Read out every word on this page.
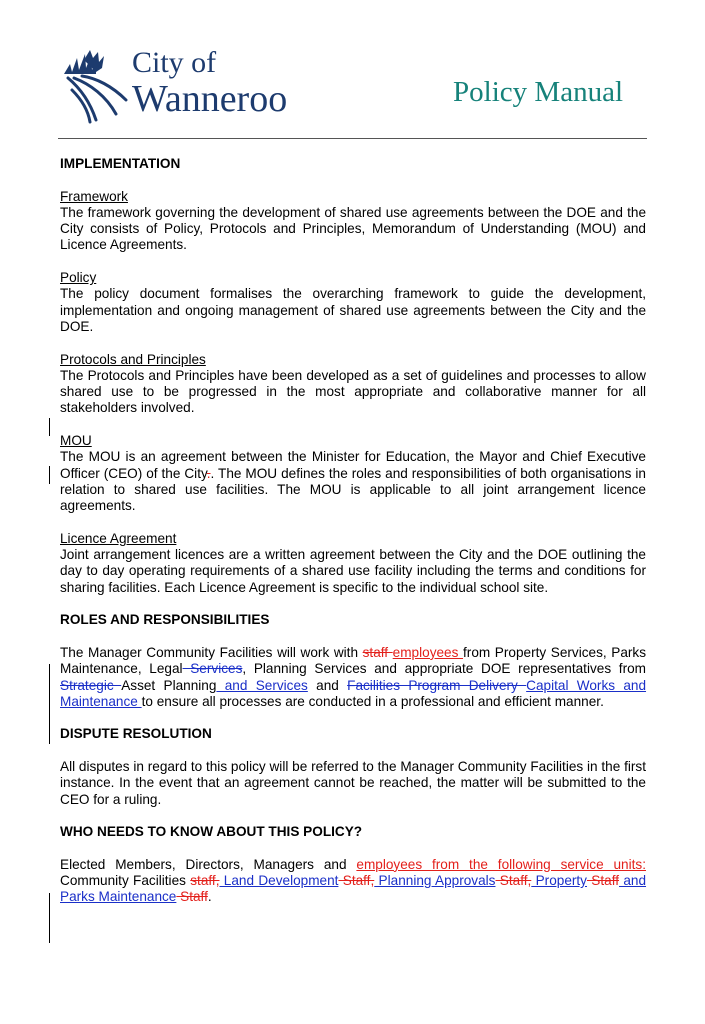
City of
Wanneroo	Policy Manual

IMPLEMENTATION

Framework

The framework governing the development of shared use agreements between the DOE and the City consists of Policy, Protocols and Principles, Memorandum of Understanding (MOU) and Licence Agreements.

Policy

The policy document formalises the overarching framework to guide the development, implementation and ongoing management of shared use agreements between the City and the DOE.

Protocols and Principles

The Protocols and Principles have been developed as a set of guidelines and processes to allow shared use to be progressed in the most appropriate and collaborative manner for all stakeholders involved.

MOU

The MOU is an agreement between the Minister for Education, the Mayor and Chief Executive Officer (CEO) of the City.. The MOU defines the roles and responsibilities of both organisations in relation to shared use facilities. The MOU is applicable to all joint arrangement licence agreements.

Licence Agreement

Joint arrangement licences are a written agreement between the City and the DOE outlining the day to day operating requirements of a shared use facility including the terms and conditions for sharing facilities. Each Licence Agreement is specific to the individual school site.

ROLES AND RESPONSIBILITIES

The Manager Community Facilities will work with staff employees from Property Services, Parks Maintenance, Legal Services, Planning Services and appropriate DOE representatives from Strategic Asset Planning and Services and Facilities Program Delivery Capital Works and Maintenance to ensure all processes are conducted in a professional and efficient manner.

DISPUTE RESOLUTION

All disputes in regard to this policy will be referred to the Manager Community Facilities in the first instance. In the event that an agreement cannot be reached, the matter will be submitted to the CEO for a ruling.

WHO NEEDS TO KNOW ABOUT THIS POLICY?

Elected Members, Directors, Managers and employees from the following service units: Community Facilities staff, Land Development Staff, Planning Approvals Staff, Property Staff and Parks Maintenance Staff.
